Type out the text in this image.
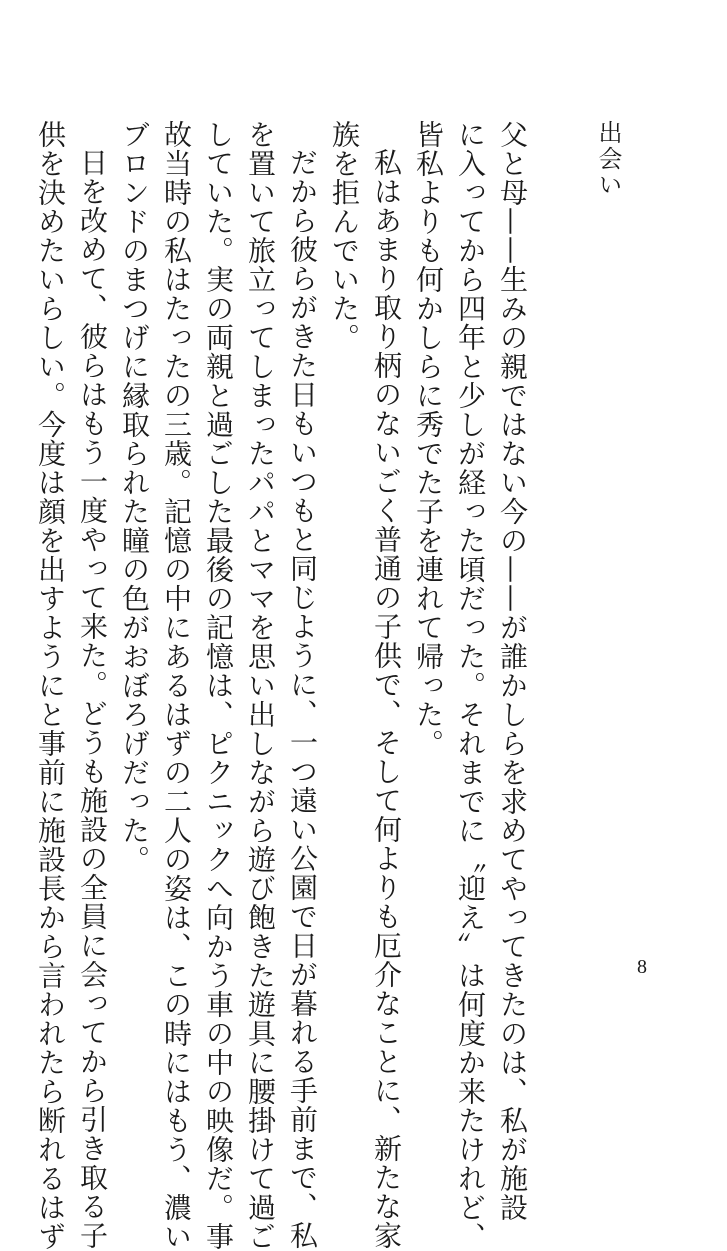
出会い
父と母——生みの親ではない今の——が誰かしらを求めてやってきたのは、私が施設
に入ってから四年と少しが経った頃だった。それまでに〝迎え〟は何度か来たけれど、
皆私よりも何かしらに秀でた子を連れて帰った。
私はあまり取り柄のないごく普通の子供で、そして何よりも厄介なことに、新たな家
族を拒んでいた。
だから彼らがきた日もいつもと同じように、一つ遠い公園で日が暮れる手前まで、私
を置いて旅立ってしまったパパとママを思い出しながら遊び飽きた遊具に腰掛けて過ご
していた。実の両親と過ごした最後の記憶は、ピクニックへ向かう車の中の映像だ。事
故当時の私はたったの三歳。記憶の中にあるはずの二人の姿は、この時にはもう、濃い
ブロンドのまつげに縁取られた瞳の色がおぼろげだった。
日を改めて、彼らはもう一度やって来た。どうも施設の全員に会ってから引き取る子
供を決めたいらしい。今度は顔を出すようにと事前に施設長から言われたら断れるはず	8
